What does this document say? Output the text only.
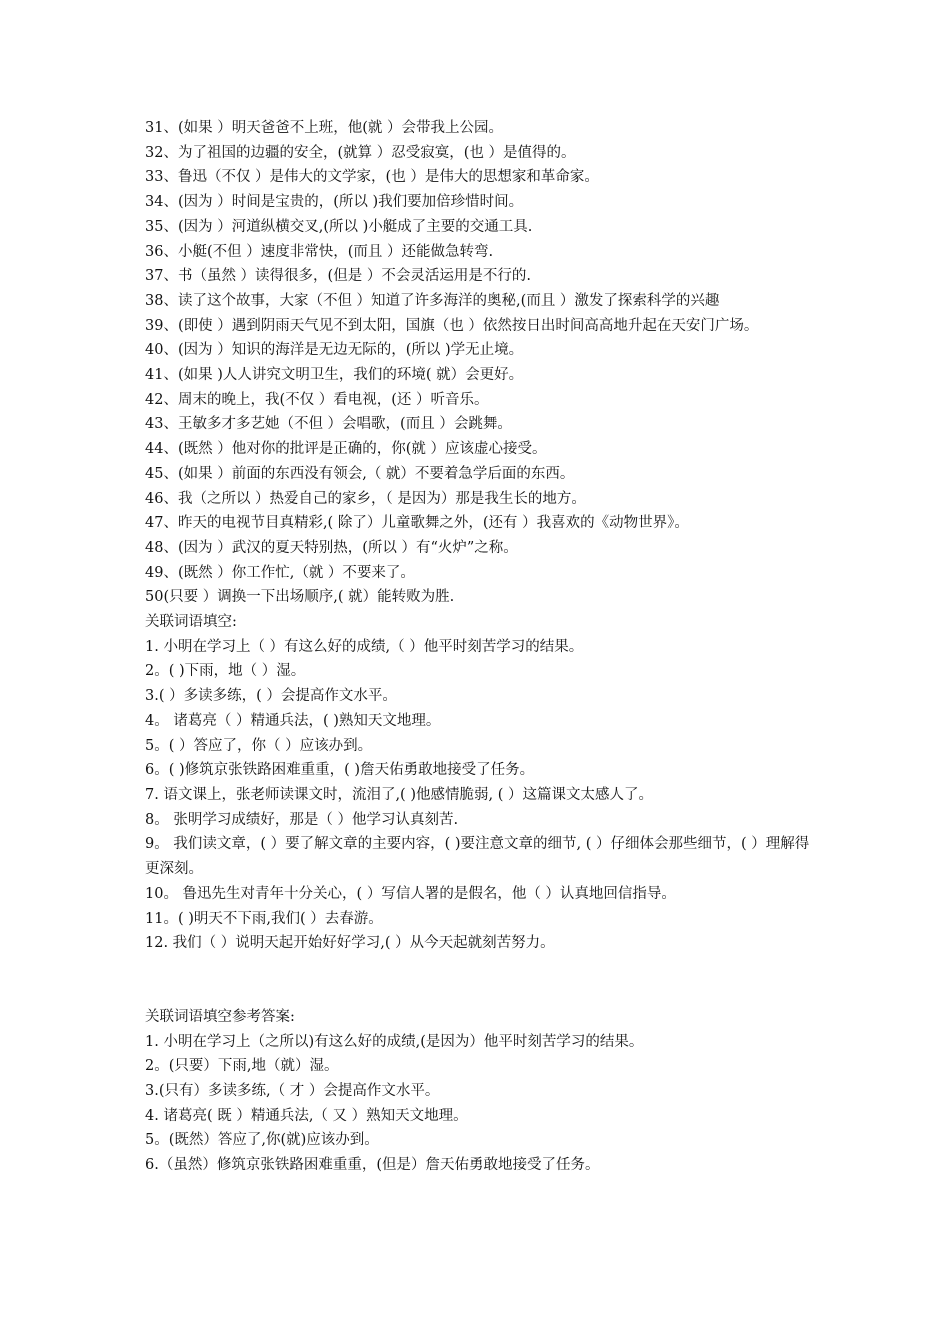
31、(如果 ）明天爸爸不上班，他(就 ）会带我上公园。
32、为了祖国的边疆的安全，(就算 ）忍受寂寞，(也 ）是值得的。
33、鲁迅（不仅 ）是伟大的文学家，(也 ）是伟大的思想家和革命家。
34、(因为 ）时间是宝贵的，(所以 )我们要加倍珍惜时间。
35、(因为 ）河道纵横交叉,(所以 )小艇成了主要的交通工具.
36、小艇(不但 ）速度非常快，(而且 ）还能做急转弯.
37、书（虽然 ）读得很多，(但是 ）不会灵活运用是不行的.
38、读了这个故事，大家（不但 ）知道了许多海洋的奥秘,(而且 ）激发了探索科学的兴趣
39、(即使 ）遇到阴雨天气见不到太阳，国旗（也 ）依然按日出时间高高地升起在天安门广场。
40、(因为 ）知识的海洋是无边无际的，(所以 )学无止境。
41、(如果 )人人讲究文明卫生，我们的环境( 就）会更好。
42、周末的晚上，我(不仅 ）看电视，(还 ）听音乐。
43、王敏多才多艺她（不但 ）会唱歌，(而且 ）会跳舞。
44、(既然 ）他对你的批评是正确的，你(就 ）应该虚心接受。
45、(如果 ）前面的东西没有领会,（ 就）不要着急学后面的东西。
46、我（之所以 ）热爱自己的家乡，（ 是因为）那是我生长的地方。
47、昨天的电视节目真精彩,( 除了）儿童歌舞之外，(还有 ）我喜欢的《动物世界》。
48、(因为 ）武汉的夏天特别热，(所以 ）有“火炉”之称。
49、(既然 ）你工作忙,（就 ）不要来了。
50(只要 ）调换一下出场顺序,( 就）能转败为胜.
关联词语填空:
1. 小明在学习上（ ）有这么好的成绩,（ ）他平时刻苦学习的结果。
2。( )下雨，地（ ）湿。
3.( ）多读多练，( ）会提高作文水平。
4。 诸葛亮（ ）精通兵法，( )熟知天文地理。
5。( ）答应了，你（ ）应该办到。
6。( )修筑京张铁路困难重重，( )詹天佑勇敢地接受了任务。
7. 语文课上，张老师读课文时，流泪了,( )他感情脆弱, ( ）这篇课文太感人了。
8。 张明学习成绩好，那是（ ）他学习认真刻苦.
9。 我们读文章，( ）要了解文章的主要内容，( )要注意文章的细节, ( ）仔细体会那些细节，( ）理解得更深刻。
10。 鲁迅先生对青年十分关心，( ）写信人署的是假名，他（ ）认真地回信指导。
11。( )明天不下雨,我们( ）去春游。
12. 我们（ ）说明天起开始好好学习,( ）从今天起就刻苦努力。
关联词语填空参考答案:
1. 小明在学习上（之所以)有这么好的成绩,(是因为）他平时刻苦学习的结果。
2。(只要）下雨,地（就）湿。
3.(只有）多读多练,（ 才 ）会提高作文水平。
4. 诸葛亮( 既 ）精通兵法,（ 又 ）熟知天文地理。
5。(既然）答应了,你(就)应该办到。
6.（虽然）修筑京张铁路困难重重，(但是）詹天佑勇敢地接受了任务。
